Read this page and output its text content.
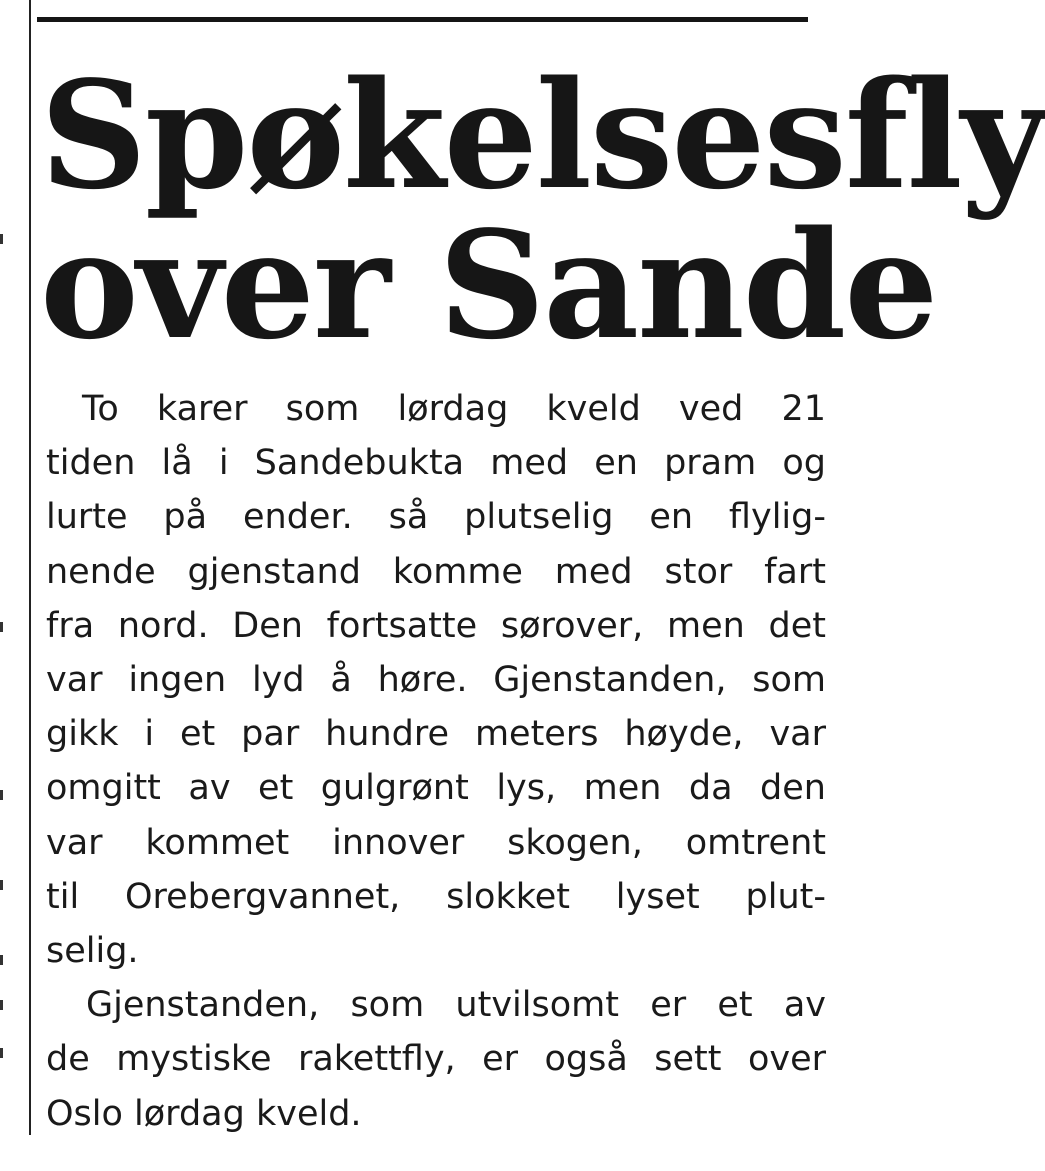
Spøkelsesfly
over Sande

To karer som lørdag kveld ved 21
tiden lå i Sandebukta med en pram og
lurte på ender. så plutselig en flylig-
nende gjenstand komme med stor fart
fra nord. Den fortsatte sørover, men det
var ingen lyd å høre. Gjenstanden, som
gikk i et par hundre meters høyde, var
omgitt av et gulgrønt lys, men da den
var kommet innover skogen, omtrent
til Orebergvannet, slokket lyset plut-
selig.

Gjenstanden, som utvilsomt er et av
de mystiske rakettfly, er også sett over
Oslo lørdag kveld.
